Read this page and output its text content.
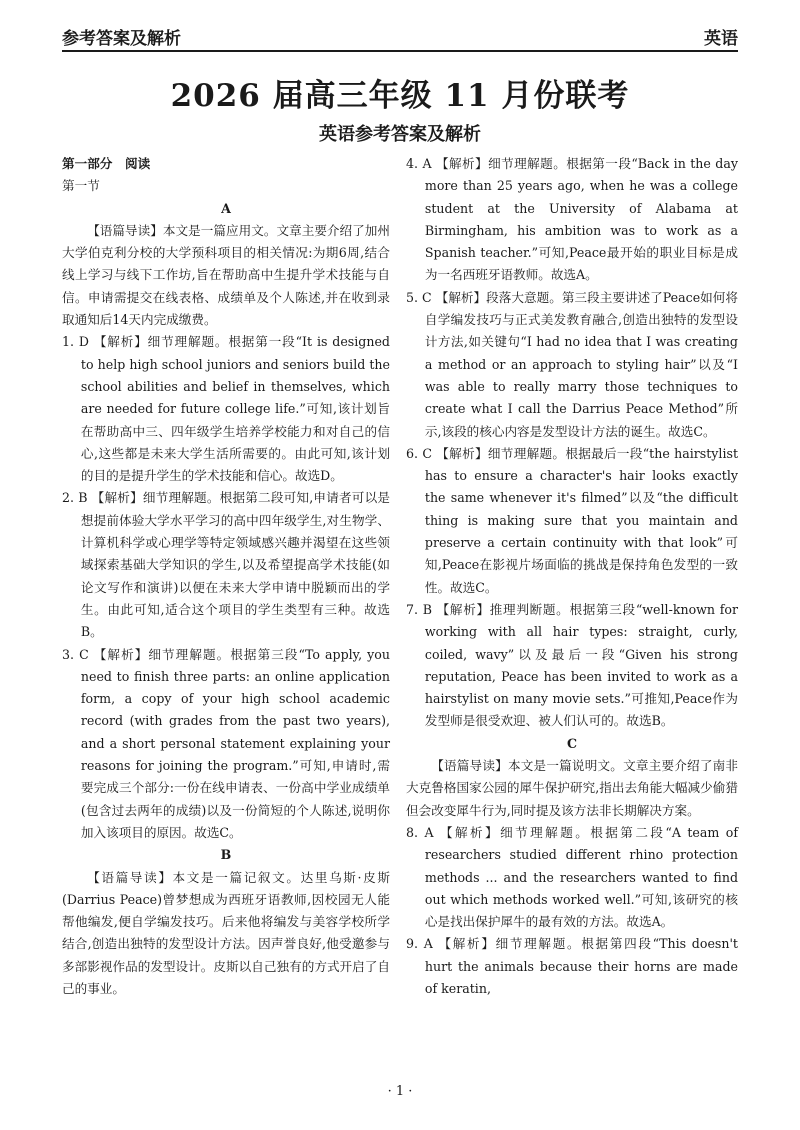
参考答案及解析	英语
2026 届高三年级 11 月份联考
英语参考答案及解析

第一部分　阅读

第一节

A

【语篇导读】本文是一篇应用文。文章主要介绍了加州大学伯克利分校的大学预科项目的相关情况:为期6周,结合线上学习与线下工作坊,旨在帮助高中生提升学术技能与自信。申请需提交在线表格、成绩单及个人陈述,并在收到录取通知后14天内完成缴费。

1. D 【解析】细节理解题。根据第一段“It is designed to help high school juniors and seniors build the school abilities and belief in themselves, which are needed for future college life.”可知,该计划旨在帮助高中三、四年级学生培养学校能力和对自己的信心,这些都是未来大学生活所需要的。由此可知,该计划的目的是提升学生的学术技能和信心。故选D。

2. B 【解析】细节理解题。根据第二段可知,申请者可以是想提前体验大学水平学习的高中四年级学生,对生物学、计算机科学或心理学等特定领域感兴趣并渴望在这些领域探索基础大学知识的学生,以及希望提高学术技能(如论文写作和演讲)以便在未来大学申请中脱颖而出的学生。由此可知,适合这个项目的学生类型有三种。故选B。

3. C 【解析】细节理解题。根据第三段“To apply, you need to finish three parts: an online application form, a copy of your high school academic record (with grades from the past two years), and a short personal statement explaining your reasons for joining the program.”可知,申请时,需要完成三个部分:一份在线申请表、一份高中学业成绩单(包含过去两年的成绩)以及一份简短的个人陈述,说明你加入该项目的原因。故选C。

B

【语篇导读】本文是一篇记叙文。达里乌斯·皮斯(Darrius Peace)曾梦想成为西班牙语教师,因校园无人能帮他编发,便自学编发技巧。后来他将编发与美容学校所学结合,创造出独特的发型设计方法。因声誉良好,他受邀参与多部影视作品的发型设计。皮斯以自己独有的方式开启了自己的事业。

4. A 【解析】细节理解题。根据第一段“Back in the day more than 25 years ago, when he was a college student at the University of Alabama at Birmingham, his ambition was to work as a Spanish teacher.”可知,Peace最开始的职业目标是成为一名西班牙语教师。故选A。

5. C 【解析】段落大意题。第三段主要讲述了Peace如何将自学编发技巧与正式美发教育融合,创造出独特的发型设计方法,如关键句“I had no idea that I was creating a method or an approach to styling hair”以及“I was able to really marry those techniques to create what I call the Darrius Peace Method”所示,该段的核心内容是发型设计方法的诞生。故选C。

6. C 【解析】细节理解题。根据最后一段“the hairstylist has to ensure a character's hair looks exactly the same whenever it's filmed”以及“the difficult thing is making sure that you maintain and preserve a certain continuity with that look”可知,Peace在影视片场面临的挑战是保持角色发型的一致性。故选C。

7. B 【解析】推理判断题。根据第三段“well-known for working with all hair types: straight, curly, coiled, wavy”以及最后一段“Given his strong reputation, Peace has been invited to work as a hairstylist on many movie sets.”可推知,Peace作为发型师是很受欢迎、被人们认可的。故选B。

C

【语篇导读】本文是一篇说明文。文章主要介绍了南非大克鲁格国家公园的犀牛保护研究,指出去角能大幅减少偷猎但会改变犀牛行为,同时提及该方法非长期解决方案。

8. A 【解析】细节理解题。根据第二段“A team of researchers studied different rhino protection methods ... and the researchers wanted to find out which methods worked well.”可知,该研究的核心是找出保护犀牛的最有效的方法。故选A。

9. A 【解析】细节理解题。根据第四段“This doesn't hurt the animals because their horns are made of keratin,

· 1 ·
